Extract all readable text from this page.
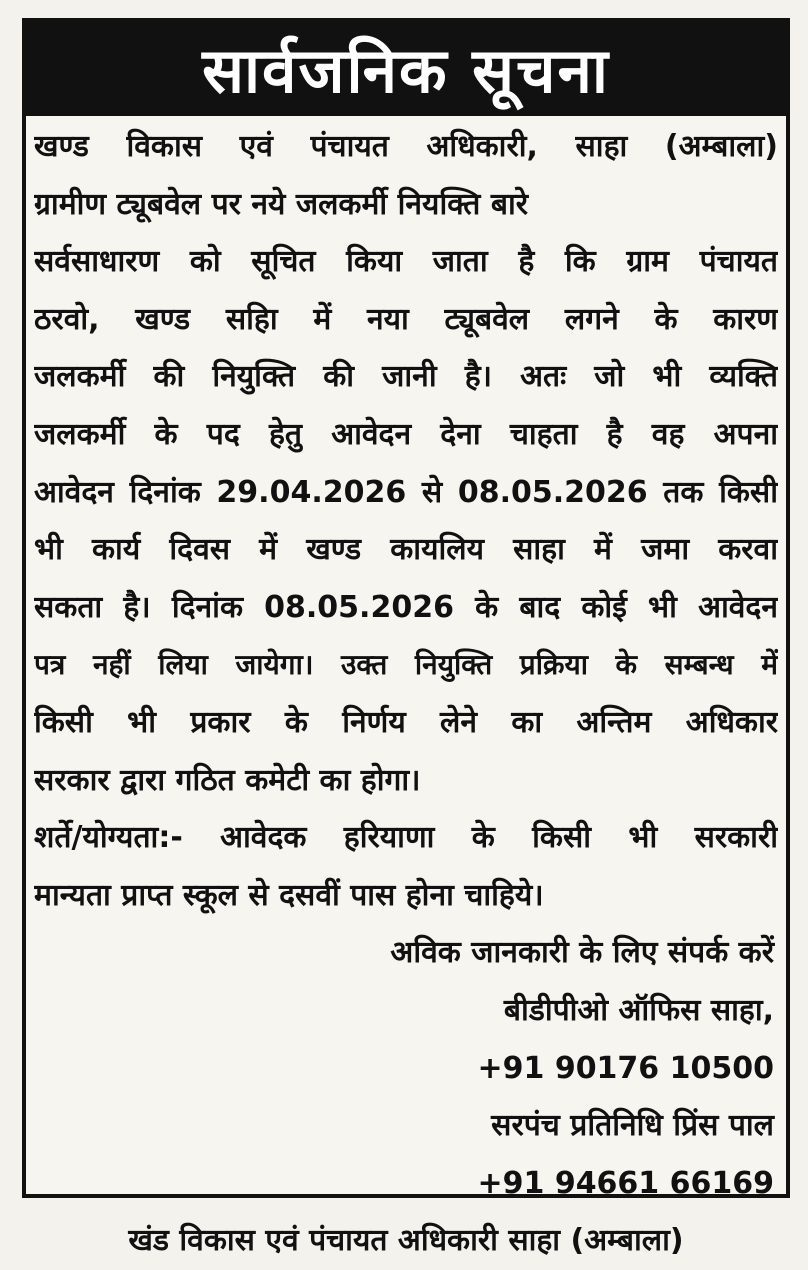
सार्वजनिक सूचना
खण्ड विकास एवं पंचायत अधिकारी, साहा (अम्बाला)
ग्रामीण ट्यूबवेल पर नये जलकर्मी नियक्ति बारे
सर्वसाधारण को सूचित किया जाता है कि ग्राम पंचायत
ठरवो, खण्ड सहिा में नया ट्यूबवेल लगने के कारण
जलकर्मी की नियुक्ति की जानी है। अतः जो भी व्यक्ति
जलकर्मी के पद हेतु आवेदन देना चाहता है वह अपना
आवेदन दिनांक 29.04.2026 से 08.05.2026 तक किसी
भी कार्य दिवस में खण्ड कायलिय साहा में जमा करवा
सकता है। दिनांक 08.05.2026 के बाद कोई भी आवेदन
पत्र नहीं लिया जायेगा। उक्त नियुक्ति प्रक्रिया के सम्बन्ध में
किसी भी प्रकार के निर्णय लेने का अन्तिम अधिकार
सरकार द्वारा गठित कमेटी का होगा।
शर्ते/योग्यता:- आवेदक हरियाणा के किसी भी सरकारी
मान्यता प्राप्त स्कूल से दसवीं पास होना चाहिये।
अविक जानकारी के लिए संपर्क करें
बीडीपीओ ऑफिस साहा,
+91 90176 10500
सरपंच प्रतिनिधि प्रिंस पाल
+91 94661 66169
खंड विकास एवं पंचायत अधिकारी साहा (अम्बाला)
